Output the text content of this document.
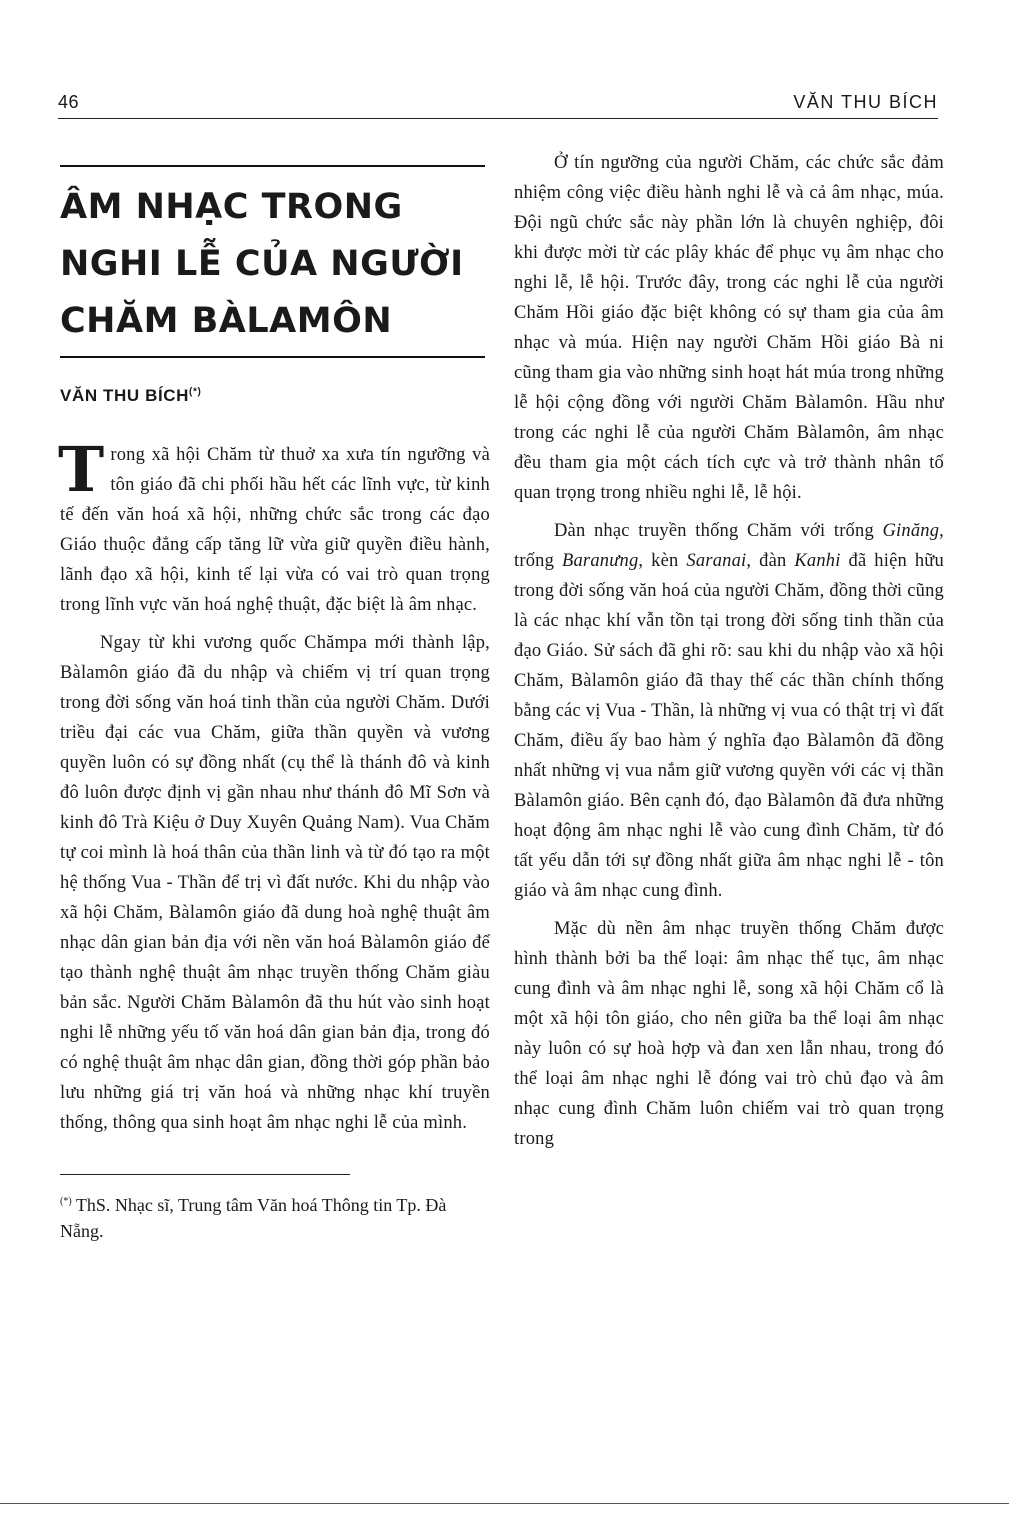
46	VĂN THU BÍCH
ÂM NHẠC TRONG
NGHI LỄ CỦA NGƯỜI
CHĂM BÀLAMÔN
VĂN THU BÍCH(*)

Trong xã hội Chăm từ thuở xa xưa tín ngưỡng và tôn giáo đã chi phối hầu hết các lĩnh vực, từ kinh tế đến văn hoá xã hội, những chức sắc trong các đạo Giáo thuộc đẳng cấp tăng lữ vừa giữ quyền điều hành, lãnh đạo xã hội, kinh tế lại vừa có vai trò quan trọng trong lĩnh vực văn hoá nghệ thuật, đặc biệt là âm nhạc.

Ngay từ khi vương quốc Chămpa mới thành lập, Bàlamôn giáo đã du nhập và chiếm vị trí quan trọng trong đời sống văn hoá tinh thần của người Chăm. Dưới triều đại các vua Chăm, giữa thần quyền và vương quyền luôn có sự đồng nhất (cụ thể là thánh đô và kinh đô luôn được định vị gần nhau như thánh đô Mĩ Sơn và kinh đô Trà Kiệu ở Duy Xuyên Quảng Nam). Vua Chăm tự coi mình là hoá thân của thần linh và từ đó tạo ra một hệ thống Vua - Thần để trị vì đất nước. Khi du nhập vào xã hội Chăm, Bàlamôn giáo đã dung hoà nghệ thuật âm nhạc dân gian bản địa với nền văn hoá Bàlamôn giáo để tạo thành nghệ thuật âm nhạc truyền thống Chăm giàu bản sắc. Người Chăm Bàlamôn đã thu hút vào sinh hoạt nghi lễ những yếu tố văn hoá dân gian bản địa, trong đó có nghệ thuật âm nhạc dân gian, đồng thời góp phần bảo lưu những giá trị văn hoá và những nhạc khí truyền thống, thông qua sinh hoạt âm nhạc nghi lễ của mình.

(*) ThS. Nhạc sĩ, Trung tâm Văn hoá Thông tin Tp. Đà Nẵng.

Ở tín ngưỡng của người Chăm, các chức sắc đảm nhiệm công việc điều hành nghi lễ và cả âm nhạc, múa. Đội ngũ chức sắc này phần lớn là chuyên nghiệp, đôi khi được mời từ các plây khác để phục vụ âm nhạc cho nghi lễ, lễ hội. Trước đây, trong các nghi lễ của người Chăm Hồi giáo đặc biệt không có sự tham gia của âm nhạc và múa. Hiện nay người Chăm Hồi giáo Bà ni cũng tham gia vào những sinh hoạt hát múa trong những lễ hội cộng đồng với người Chăm Bàlamôn. Hầu như trong các nghi lễ của người Chăm Bàlamôn, âm nhạc đều tham gia một cách tích cực và trở thành nhân tố quan trọng trong nhiều nghi lễ, lễ hội.

Dàn nhạc truyền thống Chăm với trống Ginăng, trống Baranưng, kèn Saranai, đàn Kanhi đã hiện hữu trong đời sống văn hoá của người Chăm, đồng thời cũng là các nhạc khí vẫn tồn tại trong đời sống tinh thần của đạo Giáo. Sử sách đã ghi rõ: sau khi du nhập vào xã hội Chăm, Bàlamôn giáo đã thay thế các thần chính thống bằng các vị Vua - Thần, là những vị vua có thật trị vì đất Chăm, điều ấy bao hàm ý nghĩa đạo Bàlamôn đã đồng nhất những vị vua nắm giữ vương quyền với các vị thần Bàlamôn giáo. Bên cạnh đó, đạo Bàlamôn đã đưa những hoạt động âm nhạc nghi lễ vào cung đình Chăm, từ đó tất yếu dẫn tới sự đồng nhất giữa âm nhạc nghi lễ - tôn giáo và âm nhạc cung đình.

Mặc dù nền âm nhạc truyền thống Chăm được hình thành bởi ba thể loại: âm nhạc thế tục, âm nhạc cung đình và âm nhạc nghi lễ, song xã hội Chăm cổ là một xã hội tôn giáo, cho nên giữa ba thể loại âm nhạc này luôn có sự hoà hợp và đan xen lẫn nhau, trong đó thể loại âm nhạc nghi lễ đóng vai trò chủ đạo và âm nhạc cung đình Chăm luôn chiếm vai trò quan trọng trong
